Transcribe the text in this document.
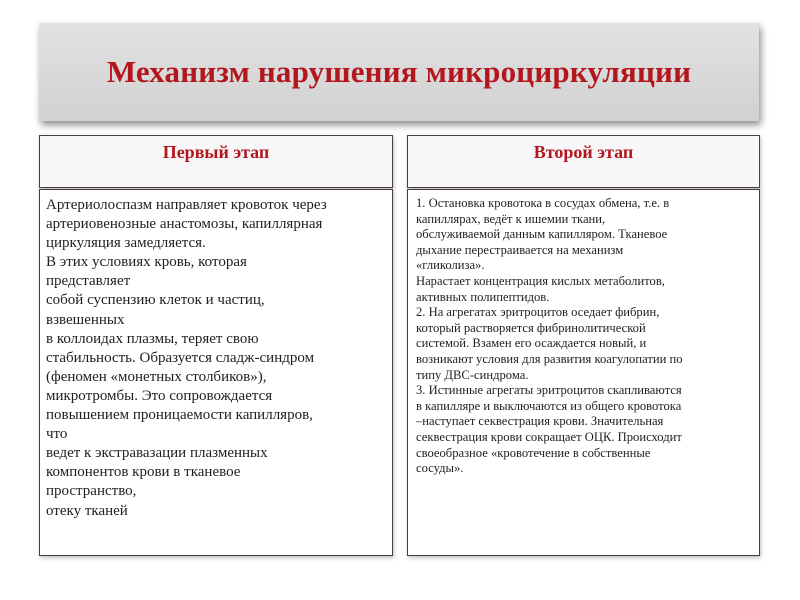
Механизм нарушения микроциркуляции
Первый этап

Артериолоспазм направляет кровоток через
артериовенозные анастомозы, капиллярная
циркуляция замедляется.
В этих условиях кровь, которая
представляет
собой суспензию клеток и частиц,
взвешенных
в коллоидах плазмы, теряет свою
стабильность. Образуется сладж-синдром
(феномен «монетных столбиков»),
микротромбы. Это сопровождается
повышением проницаемости капилляров,
что
ведет к экстравазации плазменных
компонентов крови в тканевое
пространство,
отеку тканей

Второй этап
1. Остановка кровотока в сосудах обмена, т.е. в
капиллярах, ведёт к ишемии ткани,
обслуживаемой данным капилляром. Тканевое
дыхание перестраивается на механизм
«гликолиза».
Нарастает концентрация кислых метаболитов,
активных полипептидов.
2. На агрегатах эритроцитов оседает фибрин,
который растворяется фибринолитической
системой. Взамен его осаждается новый, и
возникают условия для развития коагулопатии по
типу ДВС-синдрома.
3. Истинные агрегаты эритроцитов скапливаются
в капилляре и выключаются из общего кровотока
–наступает секвестрация крови. Значительная
секвестрация крови сокращает ОЦК. Происходит
своеобразное «кровотечение в собственные
сосуды».
